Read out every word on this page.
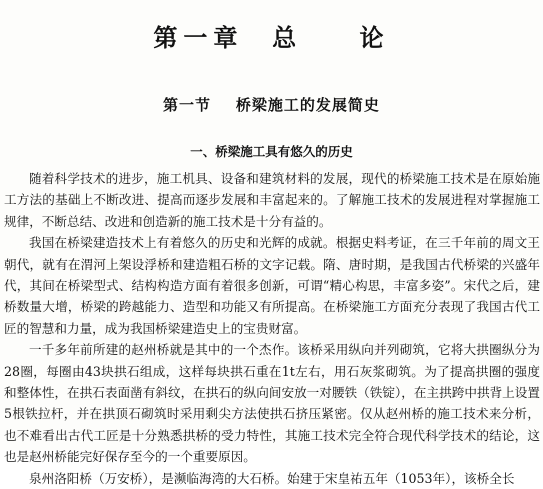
第一章  总    论
第一节    桥梁施工的发展简史
一、桥梁施工具有悠久的历史

随着科学技术的进步，施工机具、设备和建筑材料的发展，现代的桥梁施工技术是在原始施工方法的基础上不断改进、提高而逐步发展和丰富起来的。了解施工技术的发展进程对掌握施工规律，不断总结、改进和创造新的施工技术是十分有益的。

我国在桥梁建造技术上有着悠久的历史和光辉的成就。根据史料考证，在三千年前的周文王朝代，就有在渭河上架设浮桥和建造粗石桥的文字记载。隋、唐时期，是我国古代桥梁的兴盛年代，其间在桥梁型式、结构构造方面有着很多创新，可谓“精心构思，丰富多姿”。宋代之后，建桥数量大增，桥梁的跨越能力、造型和功能又有所提高。在桥梁施工方面充分表现了我国古代工匠的智慧和力量，成为我国桥梁建造史上的宝贵财富。

一千多年前所建的赵州桥就是其中的一个杰作。该桥采用纵向并列砌筑，它将大拱圈纵分为28圈，每圈由43块拱石组成，这样每块拱石重在1t左右，用石灰浆砌筑。为了提高拱圈的强度和整体性，在拱石表面凿有斜纹，在拱石的纵向间安放一对腰铁（铁锭），在主拱跨中拱背上设置5根铁拉杆，并在拱顶石砌筑时采用剩尖方法使拱石挤压紧密。仅从赵州桥的施工技术来分析，也不难看出古代工匠是十分熟悉拱桥的受力特性，其施工技术完全符合现代科学技术的结论，这也是赵州桥能完好保存至今的一个重要原因。

泉州洛阳桥（万安桥），是濒临海湾的大石桥。始建于宋皇祐五年（1053年），该桥全长
